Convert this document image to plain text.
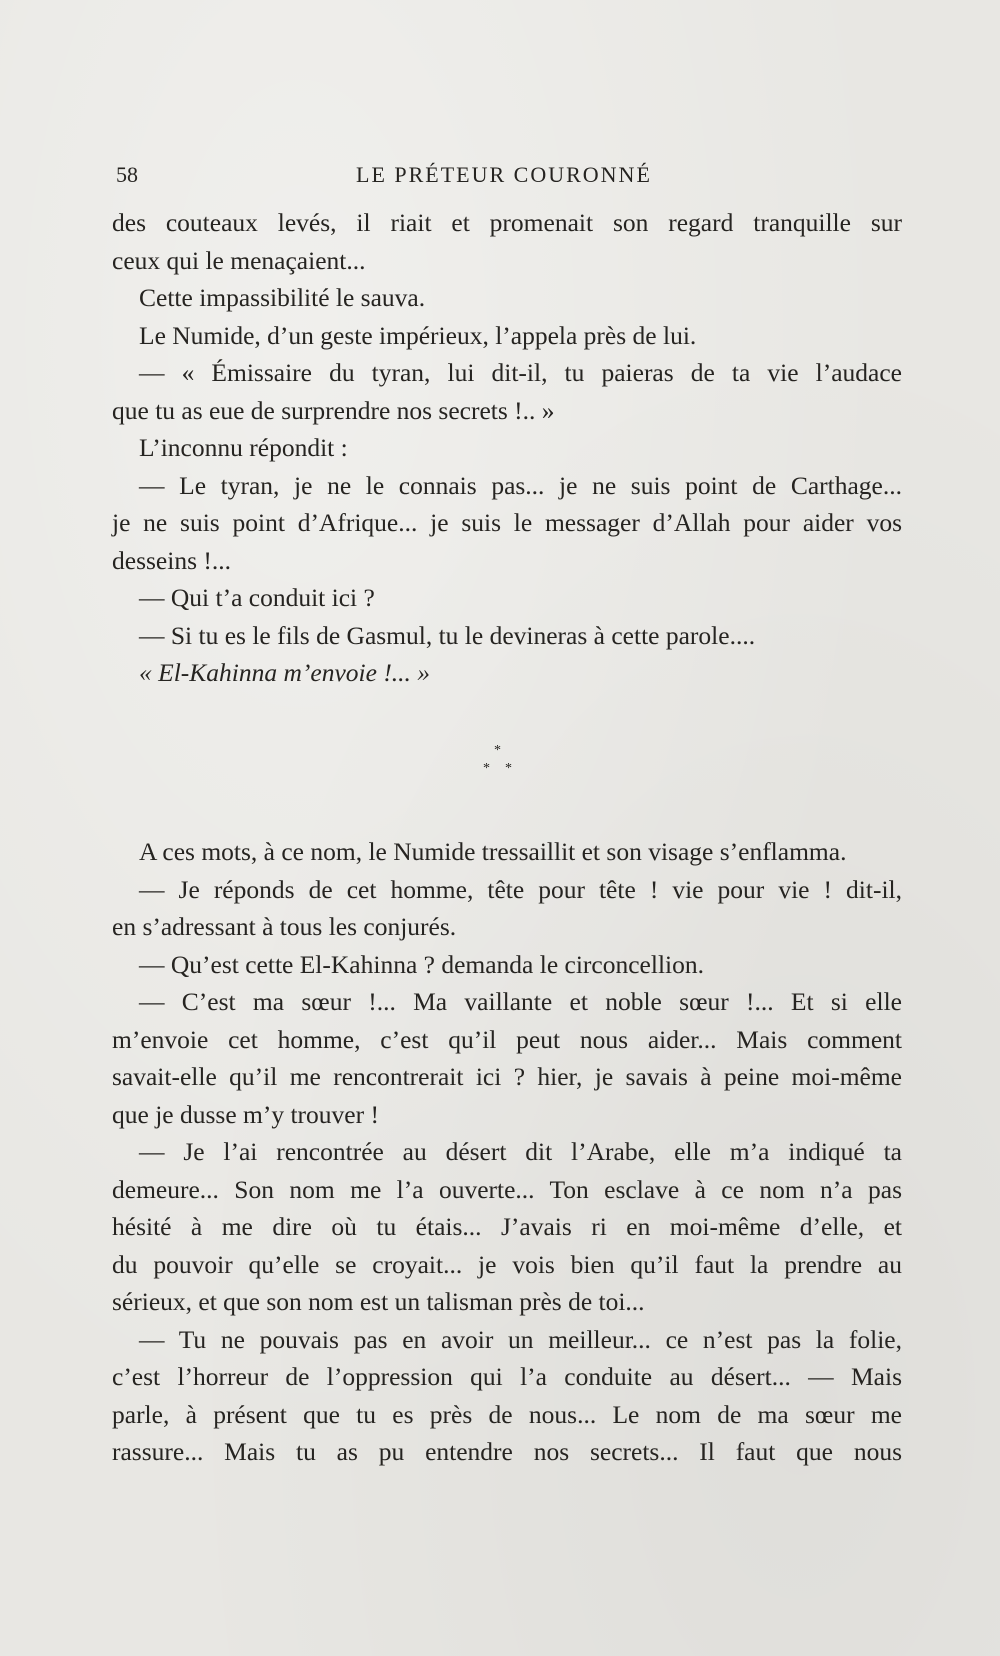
58	LE PRÉTEUR COURONNÉ
des couteaux levés, il riait et promenait son regard tranquille sur
ceux qui le menaçaient...
Cette impassibilité le sauva.
Le Numide, d’un geste impérieux, l’appela près de lui.
— « Émissaire du tyran, lui dit-il, tu paieras de ta vie l’audace
que tu as eue de surprendre nos secrets !.. »
L’inconnu répondit :
— Le tyran, je ne le connais pas... je ne suis point de Carthage...
je ne suis point d’Afrique... je suis le messager d’Allah pour aider vos
desseins !...
— Qui t’a conduit ici ?
— Si tu es le fils de Gasmul, tu le devineras à cette parole....
« El-Kahinna m’envoie !... »
*
* *
A ces mots, à ce nom, le Numide tressaillit et son visage s’enflamma.
— Je réponds de cet homme, tête pour tête ! vie pour vie ! dit-il,
en s’adressant à tous les conjurés.
— Qu’est cette El-Kahinna ? demanda le circoncellion.
— C’est ma sœur !... Ma vaillante et noble sœur !... Et si elle
m’envoie cet homme, c’est qu’il peut nous aider... Mais comment
savait-elle qu’il me rencontrerait ici ? hier, je savais à peine moi-même
que je dusse m’y trouver !
— Je l’ai rencontrée au désert dit l’Arabe, elle m’a indiqué ta
demeure... Son nom me l’a ouverte... Ton esclave à ce nom n’a pas
hésité à me dire où tu étais... J’avais ri en moi-même d’elle, et
du pouvoir qu’elle se croyait... je vois bien qu’il faut la prendre au
sérieux, et que son nom est un talisman près de toi...
— Tu ne pouvais pas en avoir un meilleur... ce n’est pas la folie,
c’est l’horreur de l’oppression qui l’a conduite au désert... — Mais
parle, à présent que tu es près de nous... Le nom de ma sœur me
rassure... Mais tu as pu entendre nos secrets... Il faut que nous
